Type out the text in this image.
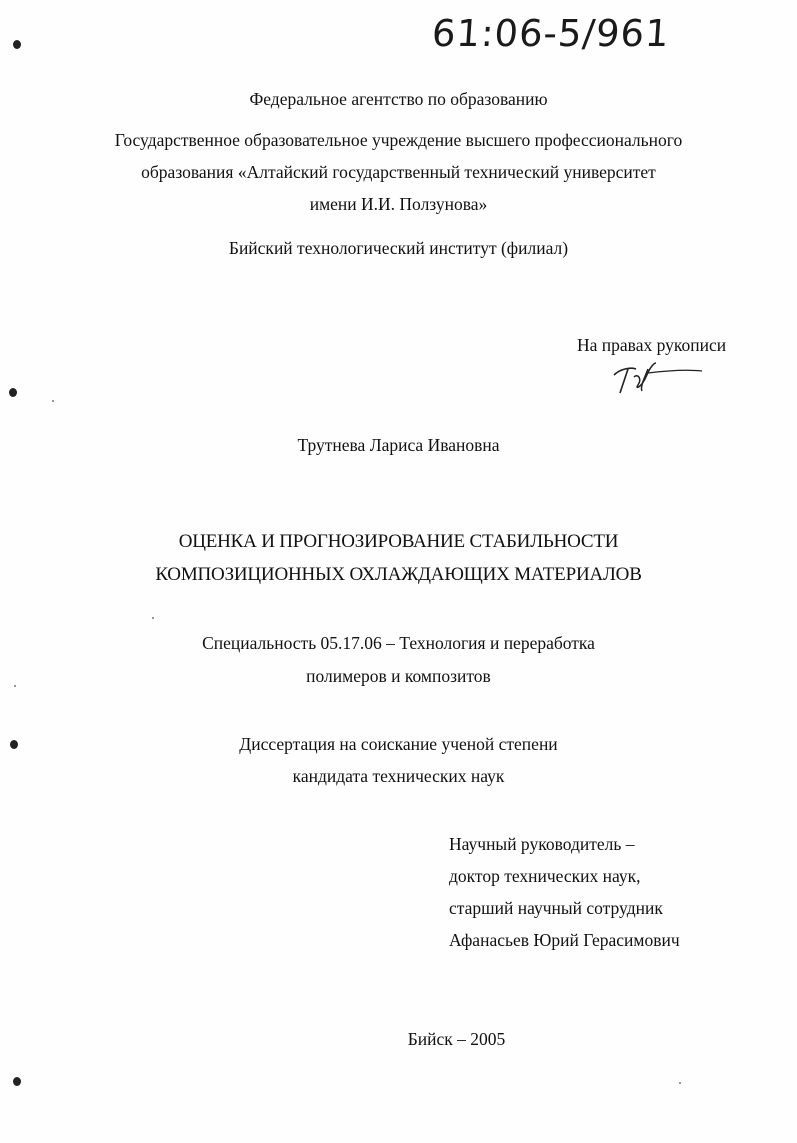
61:06-5/961
Федеральное агентство по образованию
Государственное образовательное учреждение высшего профессионального
образования «Алтайский государственный технический университет
имени И.И. Ползунова»
Бийский технологический институт (филиал)
На правах рукописи
Трутнева Лариса Ивановна
ОЦЕНКА И ПРОГНОЗИРОВАНИЕ СТАБИЛЬНОСТИ
КОМПОЗИЦИОННЫХ ОХЛАЖДАЮЩИХ МАТЕРИАЛОВ
Специальность 05.17.06 – Технология и переработка
полимеров и композитов
Диссертация на соискание ученой степени
кандидата технических наук
Научный руководитель –
доктор технических наук,
старший научный сотрудник
Афанасьев Юрий Герасимович
Бийск – 2005
